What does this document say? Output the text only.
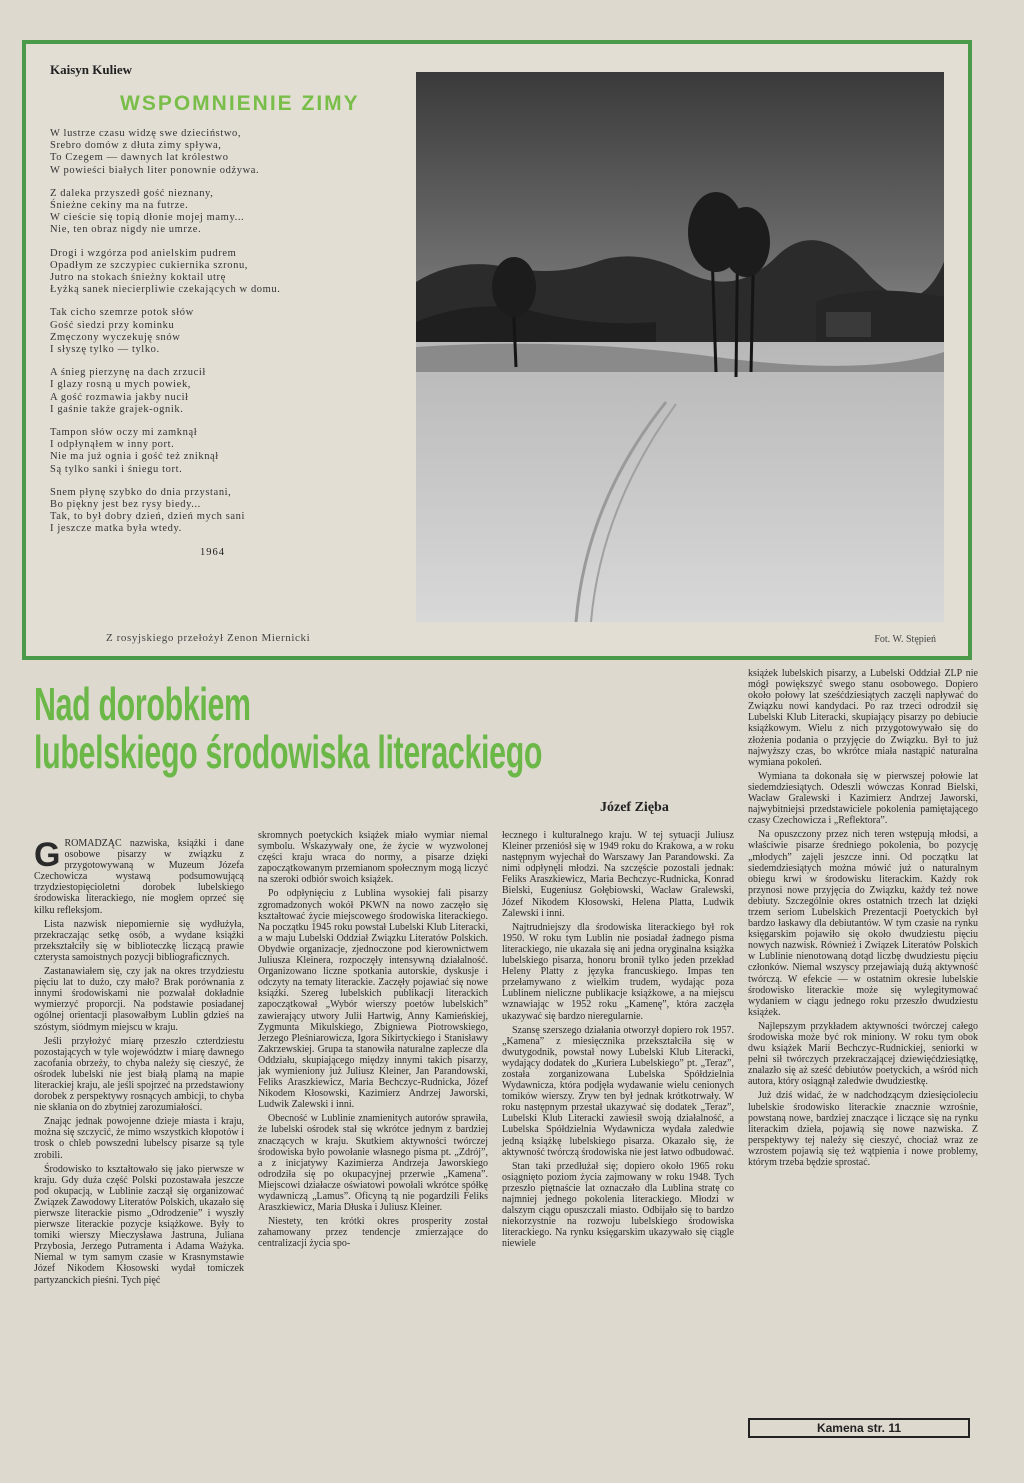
Kaisyn Kuliew
WSPOMNIENIE ZIMY
W lustrze czasu widzę swe dzieciństwo,
Srebro domów z dłuta zimy spływa,
To Czegem — dawnych lat królestwo
W powieści białych liter ponownie odżywa.
Z daleka przyszedł gość nieznany,
Śnieżne cekiny ma na futrze.
W cieście się topią dłonie mojej mamy...
Nie, ten obraz nigdy nie umrze.
Drogi i wzgórza pod anielskim pudrem
Opadłym ze szczypiec cukiernika szronu,
Jutro na stokach śnieżny koktail utrę
Łyżką sanek niecierpliwie czekających w domu.
Tak cicho szemrze potok słów
Gość siedzi przy kominku
Zmęczony wyczekuję snów
I słyszę tylko — tylko.
A śnieg pierzynę na dach zrzucił
I glazy rosną u mych powiek,
A gość rozmawia jakby nucił
I gaśnie także grajek-ognik.
Tampon słów oczy mi zamknął
I odpłynąłem w inny port.
Nie ma już ognia i gość też zniknął
Są tylko sanki i śniegu tort.
Snem płynę szybko do dnia przystani,
Bo piękny jest bez rysy biedy...
Tak, to był dobry dzień, dzień mych sani
I jeszcze matka była wtedy.
1964
Z rosyjskiego przełożył Zenon Miernicki	Fot. W. Stępień
Nad dorobkiem
lubelskiego środowiska literackiego
Józef Zięba

GROMADZĄC nazwiska, książki i dane osobowe pisarzy w związku z przygotowywaną w Muzeum Józefa Czechowicza wystawą podsumowującą trzydziestopięcioletni dorobek lubelskiego środowiska literackiego, nie mogłem oprzeć się kilku refleksjom.

Lista nazwisk niepomiernie się wydłużyła, przekraczając setkę osób, a wydane książki przekształciły się w biblioteczkę liczącą prawie czterysta samoistnych pozycji bibliograficznych.

Zastanawiałem się, czy jak na okres trzydziestu pięciu lat to dużo, czy mało? Brak porównania z innymi środowiskami nie pozwalał dokładnie wymierzyć proporcji. Na podstawie posiadanej ogólnej orientacji plasowałbym Lublin gdzieś na szóstym, siódmym miejscu w kraju.

Jeśli przyłożyć miarę przeszło czterdziestu pozostających w tyle województw i miarę dawnego zacofania obrzeży, to chyba należy się cieszyć, że ośrodek lubelski nie jest białą plamą na mapie literackiej kraju, ale jeśli spojrzeć na przedstawiony dorobek z perspektywy rosnących ambicji, to chyba nie skłania on do zbytniej zarozumiałości.

Znając jednak powojenne dzieje miasta i kraju, można się szczycić, że mimo wszystkich kłopotów i trosk o chleb powszedni lubelscy pisarze są tyle zrobili.

Środowisko to kształtowało się jako pierwsze w kraju. Gdy duża część Polski pozostawała jeszcze pod okupacją, w Lublinie zaczął się organizować Związek Zawodowy Literatów Polskich, ukazało się pierwsze literackie pismo „Odrodzenie” i wyszły pierwsze literackie pozycje książkowe. Były to tomiki wierszy Mieczysława Jastruna, Juliana Przybosia, Jerzego Putramenta i Adama Ważyka. Niemal w tym samym czasie w Krasnymstawie Józef Nikodem Kłosowski wydał tomiczek partyzanckich pieśni. Tych pięć

skromnych poetyckich książek miało wymiar niemal symbolu. Wskazywały one, że życie w wyzwolonej części kraju wraca do normy, a pisarze dzięki zapoczątkowanym przemianom społecznym mogą liczyć na szeroki odbiór swoich książek.

Po odpłynięciu z Lublina wysokiej fali pisarzy zgromadzonych wokół PKWN na nowo zaczęło się kształtować życie miejscowego środowiska literackiego. Na początku 1945 roku powstał Lubelski Klub Literacki, a w maju Lubelski Oddział Związku Literatów Polskich. Obydwie organizacje, zjednoczone pod kierownictwem Juliusza Kleinera, rozpoczęły intensywną działalność. Organizowano liczne spotkania autorskie, dyskusje i odczyty na tematy literackie. Zaczęły pojawiać się nowe książki. Szereg lubelskich publikacji literackich zapoczątkował „Wybór wierszy poetów lubelskich” zawierający utwory Julii Hartwig, Anny Kamieńskiej, Zygmunta Mikulskiego, Zbigniewa Piotrowskiego, Jerzego Pleśniarowicza, Igora Sikirtyckiego i Stanisławy Zakrzewskiej. Grupa ta stanowiła naturalne zaplecze dla Oddziału, skupiającego między innymi takich pisarzy, jak wymieniony już Juliusz Kleiner, Jan Parandowski, Feliks Araszkiewicz, Maria Bechczyc-Rudnicka, Józef Nikodem Kłosowski, Kazimierz Andrzej Jaworski, Ludwik Zalewski i inni.

Obecność w Lublinie znamienitych autorów sprawiła, że lubelski ośrodek stał się wkrótce jednym z bardziej znaczących w kraju. Skutkiem aktywności twórczej środowiska było powołanie własnego pisma pt. „Zdrój”, a z inicjatywy Kazimierza Andrzeja Jaworskiego odrodziła się po okupacyjnej przerwie „Kamena”. Miejscowi działacze oświatowi powołali wkrótce spółkę wydawniczą „Lamus”. Oficyną tą nie pogardzili Feliks Araszkiewicz, Maria Dłuska i Juliusz Kleiner.

Niestety, ten krótki okres prosperity został zahamowany przez tendencje zmierzające do centralizacji życia spo-

łecznego i kulturalnego kraju. W tej sytuacji Juliusz Kleiner przeniósł się w 1949 roku do Krakowa, a w roku następnym wyjechał do Warszawy Jan Parandowski. Za nimi odpłynęli młodzi. Na szczęście pozostali jednak: Feliks Araszkiewicz, Maria Bechczyc-Rudnicka, Konrad Bielski, Eugeniusz Gołębiowski, Wacław Gralewski, Józef Nikodem Kłosowski, Helena Platta, Ludwik Zalewski i inni.

Najtrudniejszy dla środowiska literackiego był rok 1950. W roku tym Lublin nie posiadał żadnego pisma literackiego, nie ukazała się ani jedna oryginalna książka lubelskiego pisarza, honoru bronił tylko jeden przekład Heleny Platty z języka francuskiego. Impas ten przełamywano z wielkim trudem, wydając poza Lublinem nieliczne publikacje książkowe, a na miejscu wznawiając w 1952 roku „Kamenę”, która zaczęła ukazywać się bardzo nieregularnie.

Szansę szerszego działania otworzył dopiero rok 1957. „Kamena” z miesięcznika przekształciła się w dwutygodnik, powstał nowy Lubelski Klub Literacki, wydający dodatek do „Kuriera Lubelskiego” pt. „Teraz”, została zorganizowana Lubelska Spółdzielnia Wydawnicza, która podjęła wydawanie wielu cenionych tomików wierszy. Zryw ten był jednak krótkotrwały. W roku następnym przestał ukazywać się dodatek „Teraz”, Lubelski Klub Literacki zawiesił swoją działalność, a Lubelska Spółdzielnia Wydawnicza wydała zaledwie jedną książkę lubelskiego pisarza. Okazało się, że aktywność twórczą środowiska nie jest łatwo odbudować.

Stan taki przedłużał się; dopiero około 1965 roku osiągnięto poziom życia zajmowany w roku 1948. Tych przeszło piętnaście lat oznaczało dla Lublina stratę co najmniej jednego pokolenia literackiego. Młodzi w dalszym ciągu opuszczali miasto. Odbijało się to bardzo niekorzystnie na rozwoju lubelskiego środowiska literackiego. Na rynku księgarskim ukazywało się ciągle niewiele

książek lubelskich pisarzy, a Lubelski Oddział ZLP nie mógł powiększyć swego stanu osobowego. Dopiero około połowy lat sześćdziesiątych zaczęli napływać do Związku nowi kandydaci. Po raz trzeci odrodził się Lubelski Klub Literacki, skupiający pisarzy po debiucie książkowym. Wielu z nich przygotowywało się do złożenia podania o przyjęcie do Związku. Był to już najwyższy czas, bo wkrótce miała nastąpić naturalna wymiana pokoleń.

Wymiana ta dokonała się w pierwszej połowie lat siedemdziesiątych. Odeszli wówczas Konrad Bielski, Wacław Gralewski i Kazimierz Andrzej Jaworski, najwybitniejsi przedstawiciele pokolenia pamiętającego czasy Czechowicza i „Reflektora”.

Na opuszczony przez nich teren wstępują młodsi, a właściwie pisarze średniego pokolenia, bo pozycję „młodych” zajęli jeszcze inni. Od początku lat siedemdziesiątych można mówić już o naturalnym obiegu krwi w środowisku literackim. Każdy rok przynosi nowe przyjęcia do Związku, każdy też nowe debiuty. Szczególnie okres ostatnich trzech lat dzięki trzem seriom Lubelskich Prezentacji Poetyckich był bardzo łaskawy dla debiutantów. W tym czasie na rynku księgarskim pojawiło się około dwudziestu pięciu nowych nazwisk. Również i Związek Literatów Polskich w Lublinie nienotowaną dotąd liczbę dwudziestu pięciu członków. Niemal wszyscy przejawiają dużą aktywność twórczą. W efekcie — w ostatnim okresie lubelskie środowisko literackie może się wylegitymować wydaniem w ciągu jednego roku przeszło dwudziestu książek.

Najlepszym przykładem aktywności twórczej całego środowiska może być rok miniony. W roku tym obok dwu książek Marii Bechczyc-Rudnickiej, seniorki w pełni sił twórczych przekraczającej dziewięćdziesiątkę, znalazło się aż sześć debiutów poetyckich, a wśród nich autora, który osiągnął zaledwie dwudziestkę.

Już dziś widać, że w nadchodzącym dziesięcioleciu lubelskie środowisko literackie znacznie wzrośnie, powstaną nowe, bardziej znaczące i liczące się na rynku literackim dzieła, pojawią się nowe nazwiska. Z perspektywy tej należy się cieszyć, chociaż wraz ze wzrostem pojawią się też wątpienia i nowe problemy, którym trzeba będzie sprostać.

Kamena str. 11
